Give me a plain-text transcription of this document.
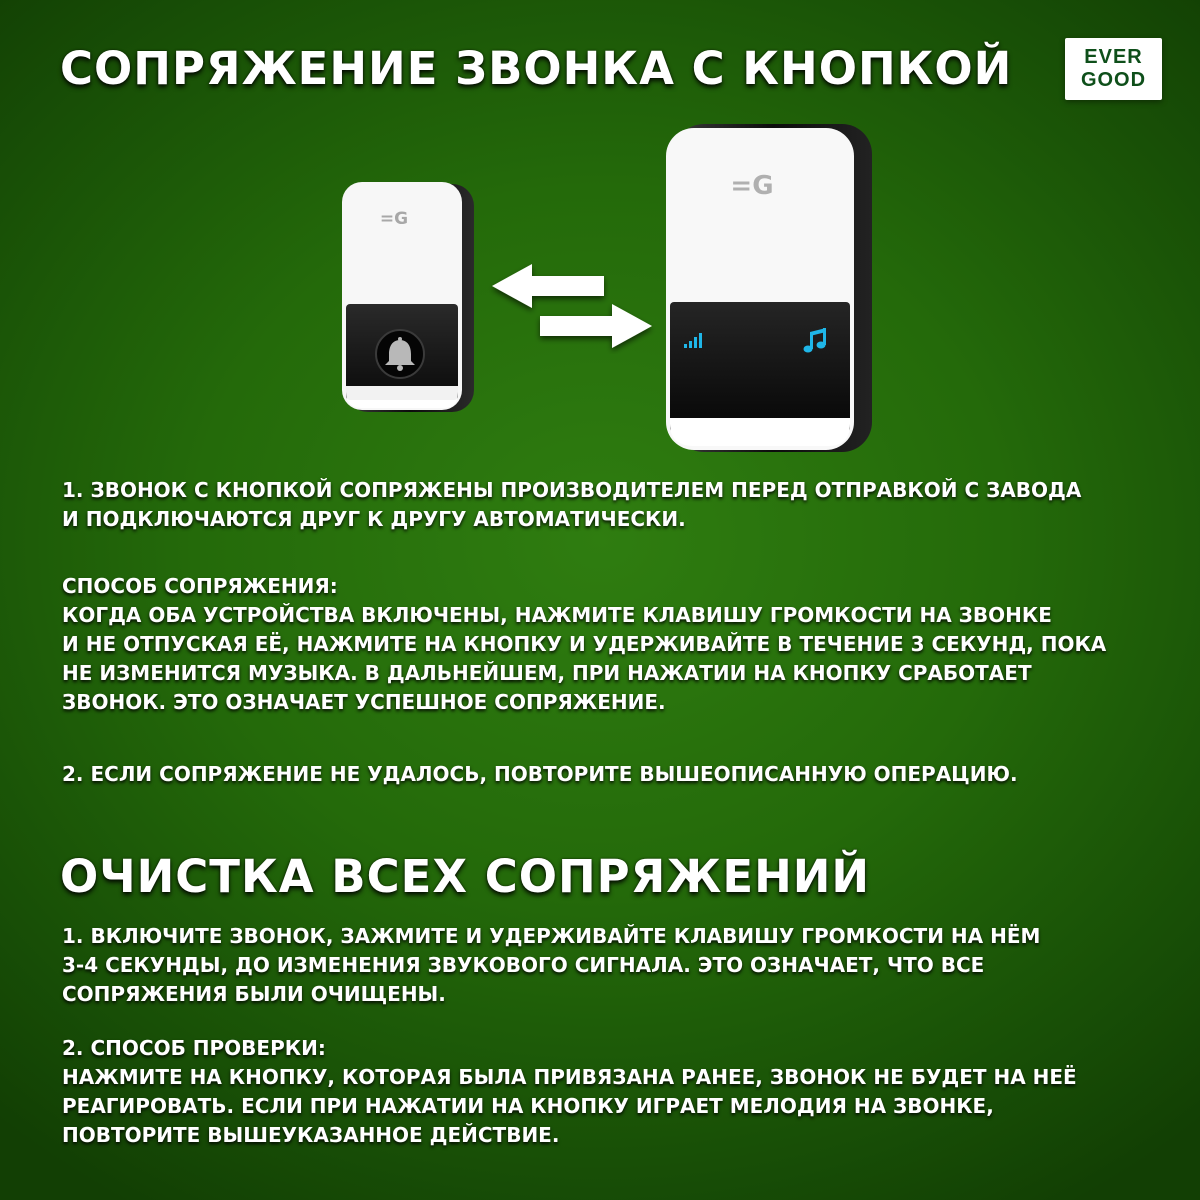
СОПРЯЖЕНИЕ ЗВОНКА С КНОПКОЙ	EVER
GOOD
=G
=G
1. ЗВОНОК С КНОПКОЙ СОПРЯЖЕНЫ ПРОИЗВОДИТЕЛЕМ ПЕРЕД ОТПРАВКОЙ С ЗАВОДА
И ПОДКЛЮЧАЮТСЯ ДРУГ К ДРУГУ АВТОМАТИЧЕСКИ.
СПОСОБ СОПРЯЖЕНИЯ:
КОГДА ОБА УСТРОЙСТВА ВКЛЮЧЕНЫ, НАЖМИТЕ КЛАВИШУ ГРОМКОСТИ НА ЗВОНКЕ
И НЕ ОТПУСКАЯ ЕЁ, НАЖМИТЕ НА КНОПКУ И УДЕРЖИВАЙТЕ В ТЕЧЕНИЕ 3 СЕКУНД, ПОКА
НЕ ИЗМЕНИТСЯ МУЗЫКА. В ДАЛЬНЕЙШЕМ, ПРИ НАЖАТИИ НА КНОПКУ СРАБОТАЕТ
ЗВОНОК. ЭТО ОЗНАЧАЕТ УСПЕШНОЕ СОПРЯЖЕНИЕ.
2. ЕСЛИ СОПРЯЖЕНИЕ НЕ УДАЛОСЬ, ПОВТОРИТЕ ВЫШЕОПИСАННУЮ ОПЕРАЦИЮ.
ОЧИСТКА ВСЕХ СОПРЯЖЕНИЙ
1. ВКЛЮЧИТЕ ЗВОНОК, ЗАЖМИТЕ И УДЕРЖИВАЙТЕ КЛАВИШУ ГРОМКОСТИ НА НЁМ
3-4 СЕКУНДЫ, ДО ИЗМЕНЕНИЯ ЗВУКОВОГО СИГНАЛА. ЭТО ОЗНАЧАЕТ, ЧТО ВСЕ
СОПРЯЖЕНИЯ БЫЛИ ОЧИЩЕНЫ.
2. СПОСОБ ПРОВЕРКИ:
НАЖМИТЕ НА КНОПКУ, КОТОРАЯ БЫЛА ПРИВЯЗАНА РАНЕЕ, ЗВОНОК НЕ БУДЕТ НА НЕЁ
РЕАГИРОВАТЬ. ЕСЛИ ПРИ НАЖАТИИ НА КНОПКУ ИГРАЕТ МЕЛОДИЯ НА ЗВОНКЕ,
ПОВТОРИТЕ ВЫШЕУКАЗАННОЕ ДЕЙСТВИЕ.
